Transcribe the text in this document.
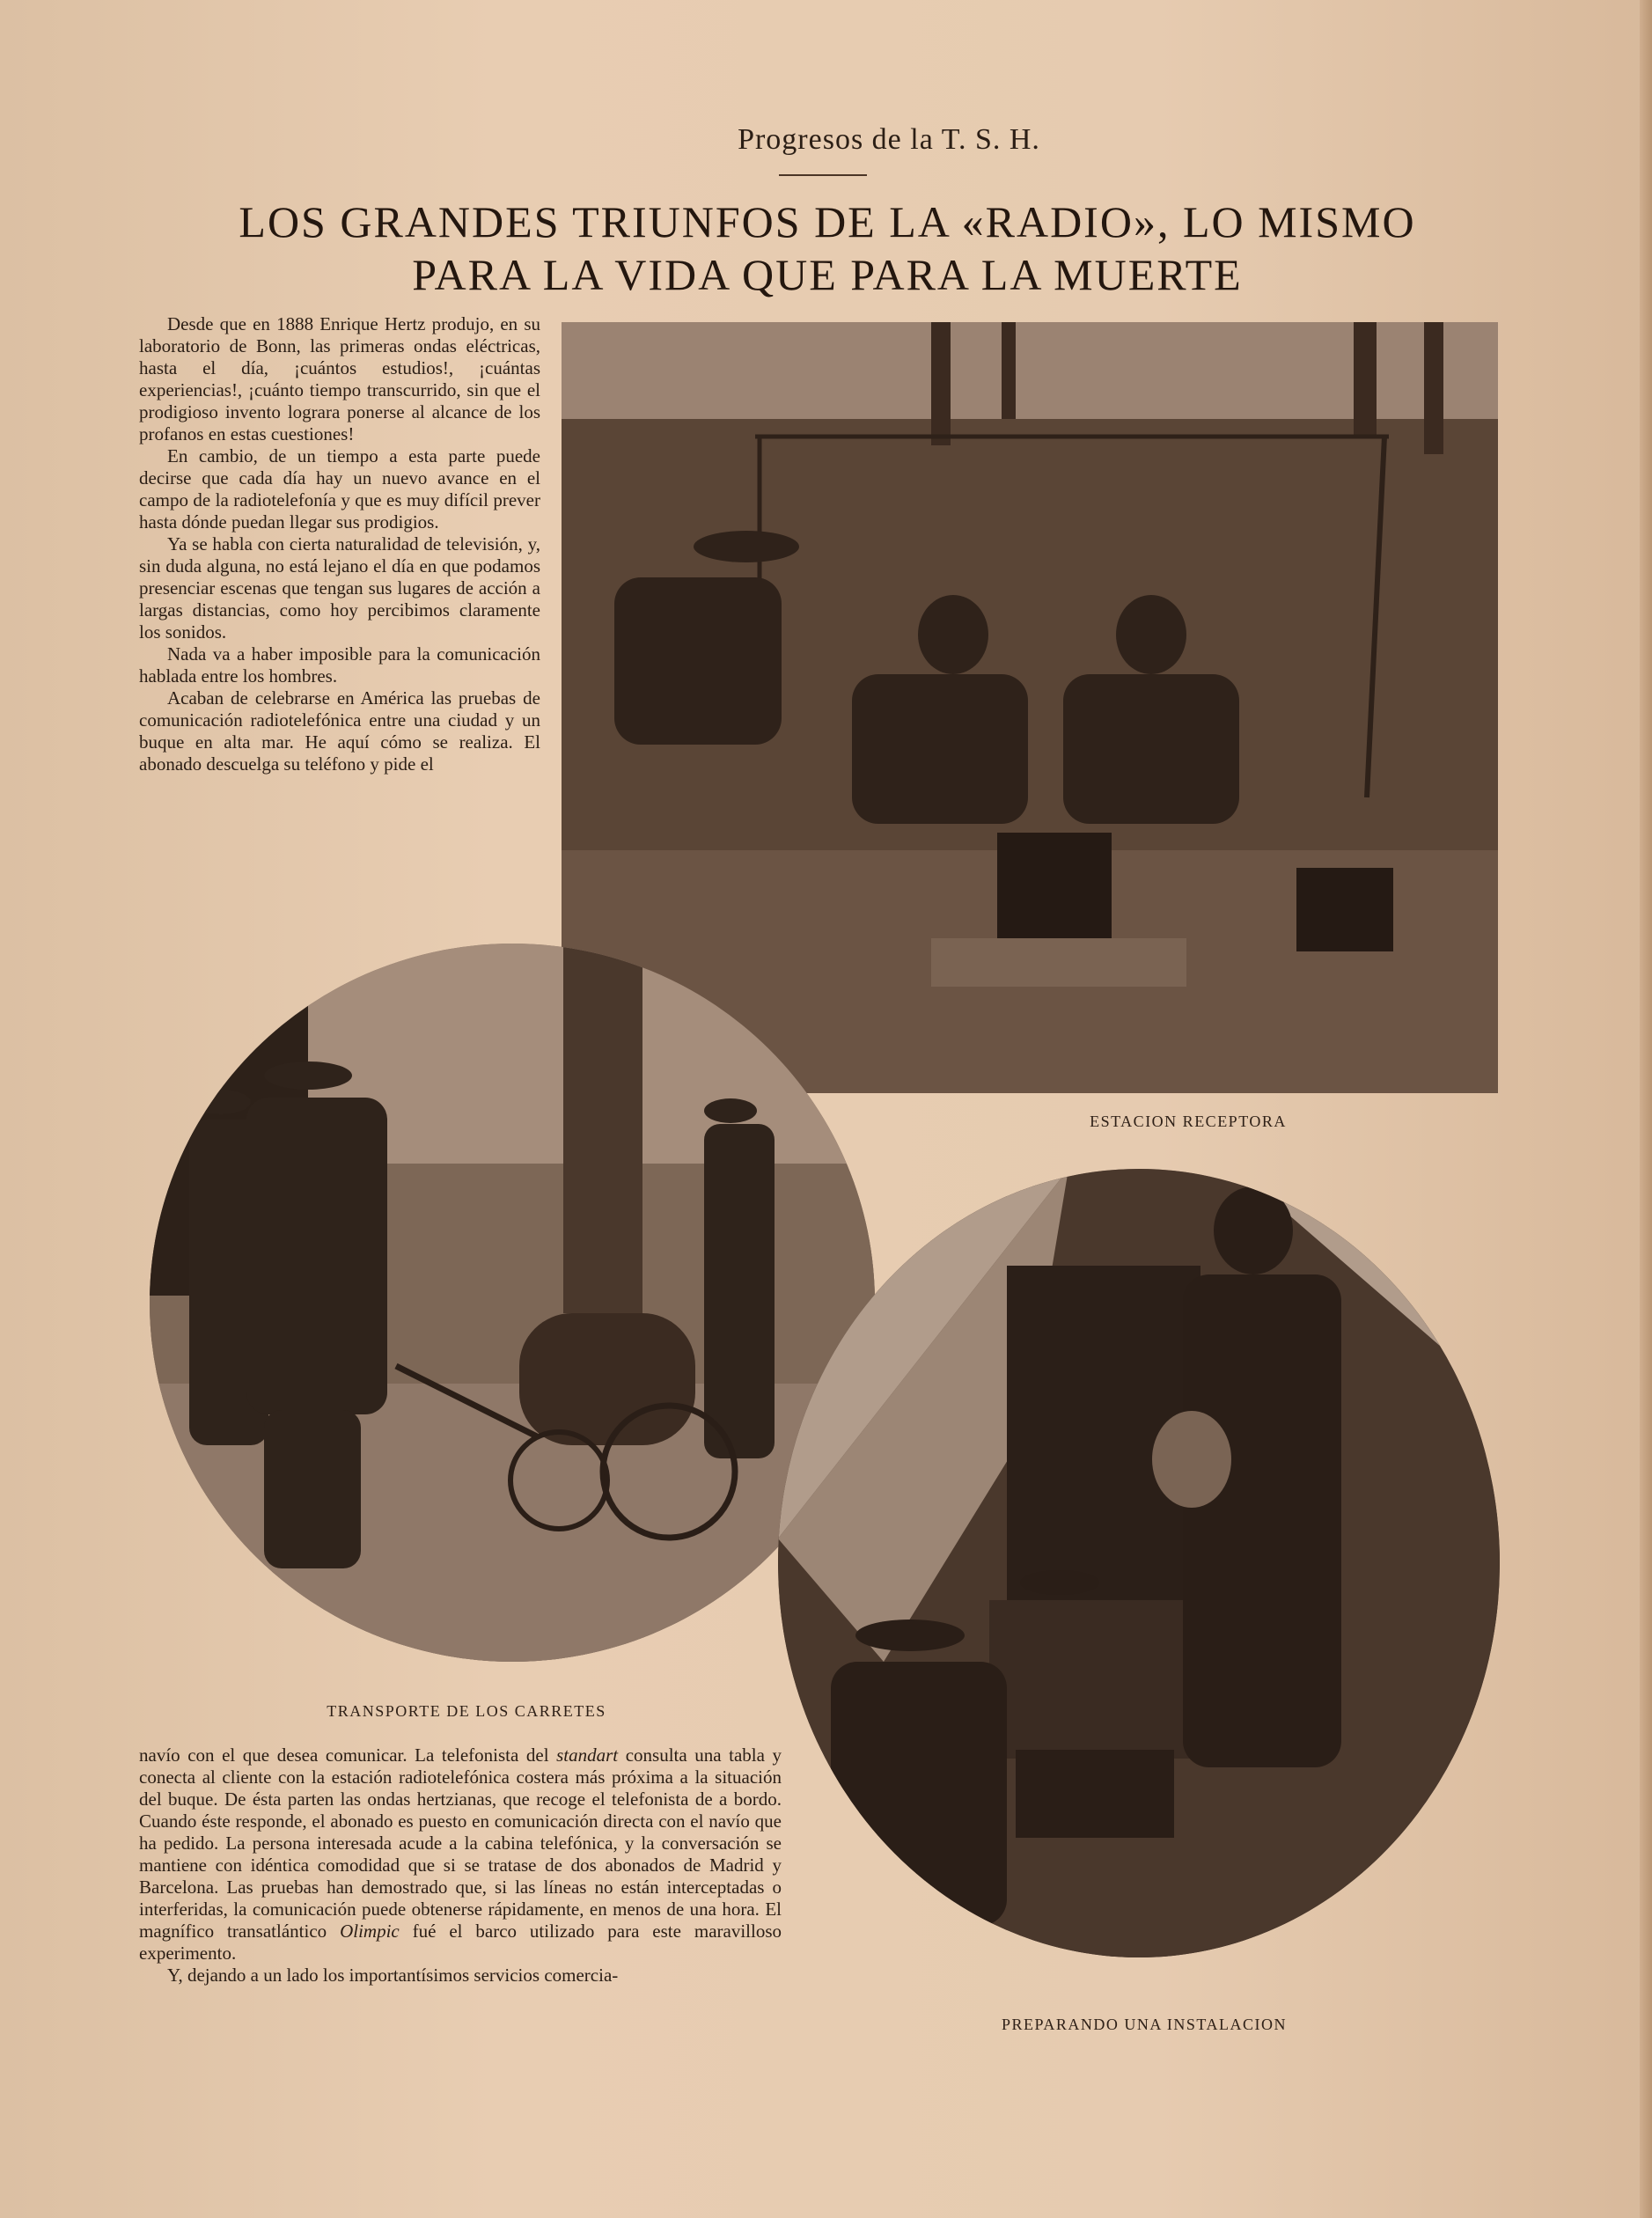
Progresos de la T. S. H.
LOS GRANDES TRIUNFOS DE LA «RADIO», LO MISMO
PARA LA VIDA QUE PARA LA MUERTE

Desde que en 1888 Enrique Hertz produjo, en su laboratorio de Bonn, las primeras ondas eléctricas, hasta el día, ¡cuántos estudios!, ¡cuántas experiencias!, ¡cuánto tiempo transcurrido, sin que el prodigioso invento lograra ponerse al alcance de los profanos en estas cuestiones!

En cambio, de un tiempo a esta parte puede decirse que cada día hay un nuevo avance en el campo de la radiotelefonía y que es muy difícil prever hasta dónde puedan llegar sus prodigios.

Ya se habla con cierta naturalidad de televisión, y, sin duda alguna, no está lejano el día en que podamos presenciar escenas que tengan sus lugares de acción a largas distancias, como hoy percibimos claramente los sonidos.

Nada va a haber imposible para la comunicación hablada entre los hombres.

Acaban de celebrarse en América las pruebas de comunicación radiotelefónica entre una ciudad y un buque en alta mar. He aquí cómo se realiza. El abonado descuelga su teléfono y pide el

ESTACION RECEPTORA
TRANSPORTE DE LOS CARRETES
PREPARANDO UNA INSTALACION

navío con el que desea comunicar. La telefonista del standart consulta una tabla y conecta al cliente con la estación radiotelefónica costera más próxima a la situación del buque. De ésta parten las ondas hertzianas, que recoge el telefonista de a bordo. Cuando éste responde, el abonado es puesto en comunicación directa con el navío que ha pedido. La persona interesada acude a la cabina telefónica, y la conversación se mantiene con idéntica comodidad que si se tratase de dos abonados de Madrid y Barcelona. Las pruebas han demostrado que, si las líneas no están interceptadas o interferidas, la comunicación puede obtenerse rápidamente, en menos de una hora. El magnífico transatlántico Olimpic fué el barco utilizado para este maravilloso experimento.

Y, dejando a un lado los importantísimos servicios comercia-
